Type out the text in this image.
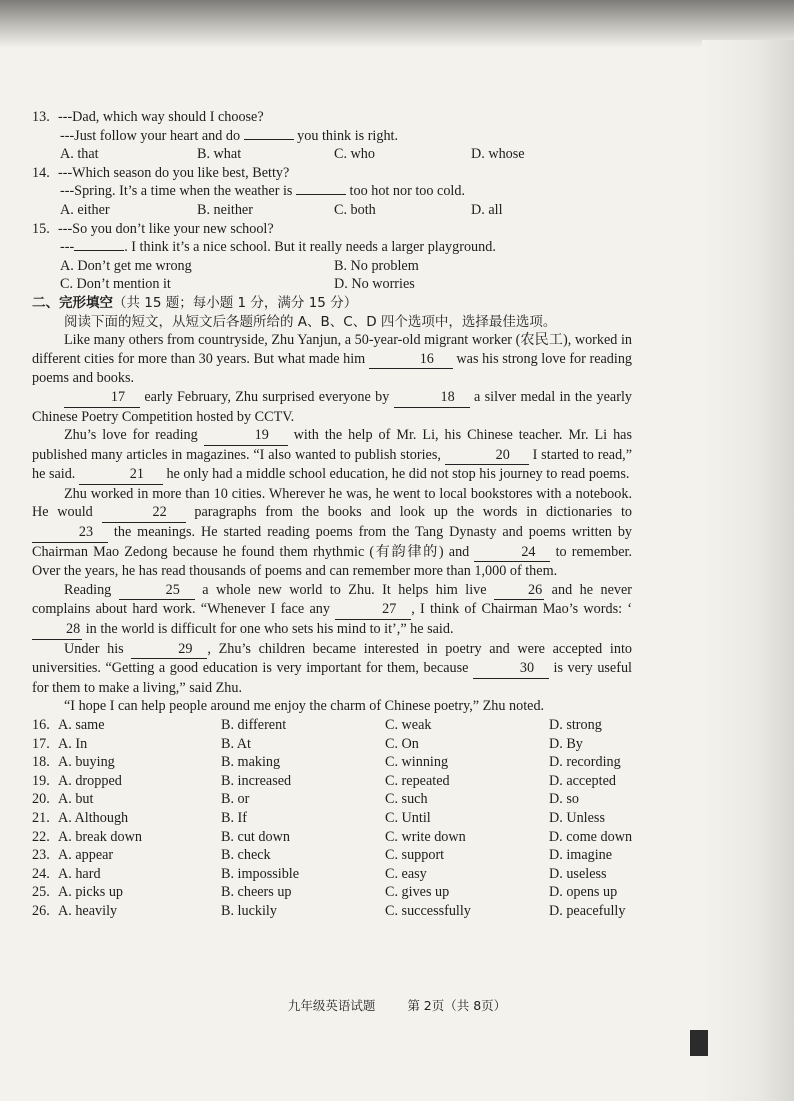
13. ---Dad, which way should I choose?
---Just follow your heart and do	you think is right.
A. that	B. what	C. who	D. whose
14. ---Which season do you like best, Betty?
---Spring. It’s a time when the weather is	too hot nor too cold.
A. either	B. neither	C. both	D. all
15. ---So you don’t like your new school?
---	. I think it’s a nice school. But it really needs a larger playground.
A. Don’t get me wrong	B. No problem
C. Don’t mention it	D. No worries
二、完形填空（共 15 题；每小题 1 分，满分 15 分）
阅读下面的短文，从短文后各题所给的 A、B、C、D 四个选项中，选择最佳选项。
Like many others from countryside, Zhu Yanjun, a 50-year-old migrant worker (农民工), worked in different cities for more than 30 years. But what made him	16 was his strong love for reading poems and books.
17 early February, Zhu surprised everyone by	18 a silver medal in the yearly Chinese Poetry Competition hosted by CCTV.
Zhu’s love for reading	19 with the help of Mr. Li, his Chinese teacher. Mr. Li has published many articles in magazines. “I also wanted to publish stories,	20 I started to read,” he said.	21 he only had a middle school education, he did not stop his journey to read poems.
Zhu worked in more than 10 cities. Wherever he was, he went to local bookstores with a notebook. He would	22 paragraphs from the books and look up the words in dictionaries to 23 the meanings. He started reading poems from the Tang Dynasty and poems written by Chairman Mao Zedong because he found them rhythmic (有韵律的) and	24 to remember. Over the years, he has read thousands of poems and can remember more than 1,000 of them.
Reading	25 a whole new world to Zhu. It helps him live	26 and he never complains about hard work. “Whenever I face any	27 , I think of Chairman Mao’s words: ‘28 in the world is difficult for one who sets his mind to it’,” he said.
Under his	29 , Zhu’s children became interested in poetry and were accepted into universities. “Getting a good education is very important for them, because	30 is very useful for them to make a living,” said Zhu.
“I hope I can help people around me enjoy the charm of Chinese poetry,” Zhu noted.
16. A. same	B. different	C. weak	D. strong
17. A. In	B. At	C. On	D. By
18. A. buying	B. making	C. winning	D. recording
19. A. dropped	B. increased	C. repeated	D. accepted
20. A. but	B. or	C. such	D. so
21. A. Although	B. If	C. Until	D. Unless
22. A. break down	B. cut down	C. write down	D. come down
23. A. appear	B. check	C. support	D. imagine
24. A. hard	B. impossible	C. easy	D. useless
25. A. picks up	B. cheers up	C. gives up	D. opens up
26. A. heavily	B. luckily	C. successfully	D. peacefully
九年级英语试题	第 2页（共 8页）
